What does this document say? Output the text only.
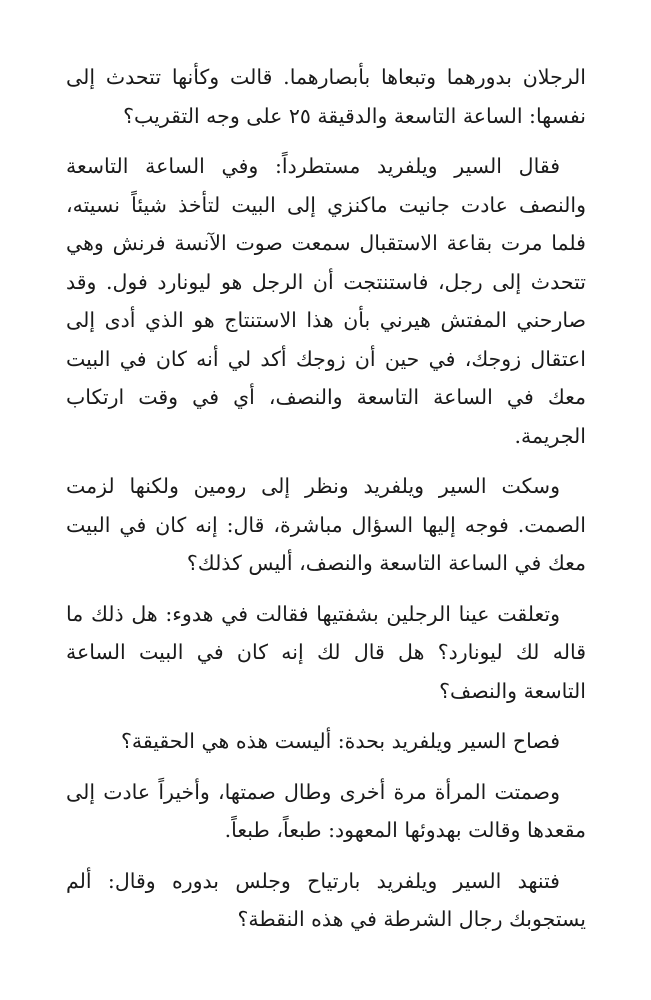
الرجلان بدورهما وتبعاها بأبصارهما. قالت وكأنها تتحدث إلى نفسها: الساعة التاسعة والدقيقة ٢٥ على وجه التقريب؟

فقال السير ويلفريد مستطرداً: وفي الساعة التاسعة والنصف عادت جانيت ماكنزي إلى البيت لتأخذ شيئاً نسيته، فلما مرت بقاعة الاستقبال سمعت صوت الآنسة فرنش وهي تتحدث إلى رجل، فاستنتجت أن الرجل هو ليونارد فول. وقد صارحني المفتش هيرني بأن هذا الاستنتاج هو الذي أدى إلى اعتقال زوجك، في حين أن زوجك أكد لي أنه كان في البيت معك في الساعة التاسعة والنصف، أي في وقت ارتكاب الجريمة.

وسكت السير ويلفريد ونظر إلى رومين ولكنها لزمت الصمت. فوجه إليها السؤال مباشرة، قال: إنه كان في البيت معك في الساعة التاسعة والنصف، أليس كذلك؟

وتعلقت عينا الرجلين بشفتيها فقالت في هدوء: هل ذلك ما قاله لك ليونارد؟ هل قال لك إنه كان في البيت الساعة التاسعة والنصف؟

فصاح السير ويلفريد بحدة: أليست هذه هي الحقيقة؟

وصمتت المرأة مرة أخرى وطال صمتها، وأخيراً عادت إلى مقعدها وقالت بهدوئها المعهود: طبعاً، طبعاً.

فتنهد السير ويلفريد بارتياح وجلس بدوره وقال: ألم يستجوبك رجال الشرطة في هذه النقطة؟
